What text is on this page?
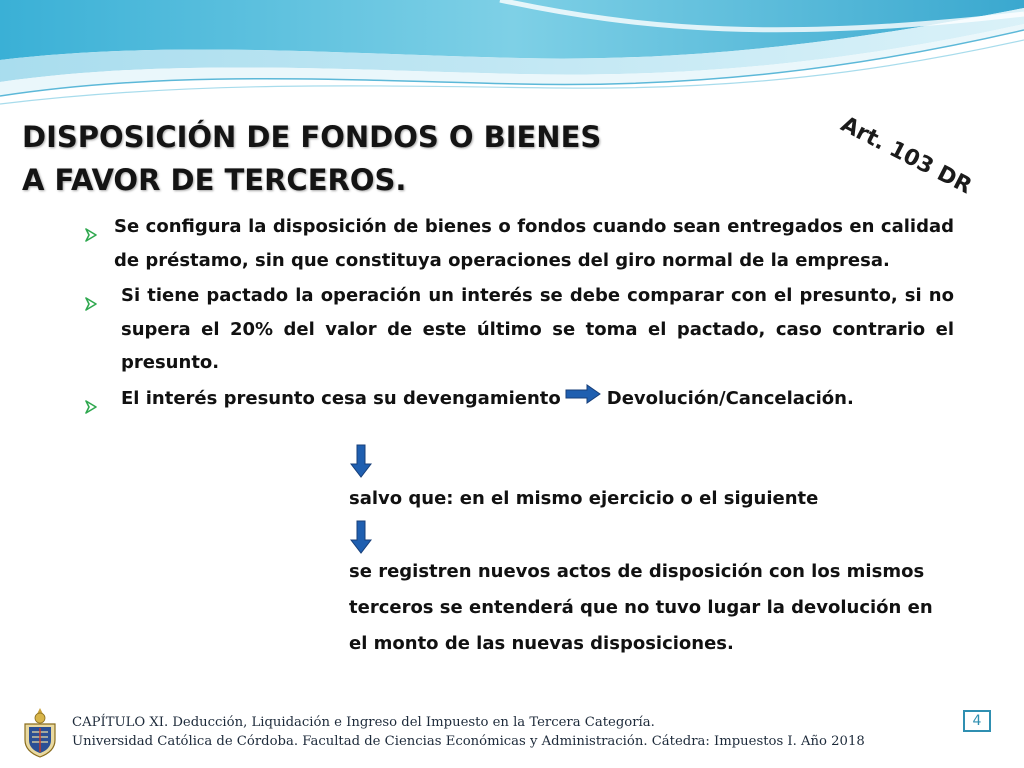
DISPOSICIÓN DE FONDOS O BIENES
A FAVOR DE TERCEROS.	Art. 103 DR
Se configura la disposición de bienes o fondos cuando sean entregados en calidad de préstamo, sin que constituya operaciones del giro normal de la empresa.
Si tiene pactado la operación un interés se debe comparar con el presunto, si no supera el 20% del valor de este último se toma el pactado, caso contrario el presunto.
El interés presunto cesa su devengamiento	Devolución/Cancelación.

salvo que: en el mismo ejercicio o el siguiente

se registren nuevos actos de disposición con los mismos
terceros se entenderá que no tuvo lugar la devolución en
el monto de las nuevas disposiciones.

CAPÍTULO XI. Deducción, Liquidación e Ingreso del Impuesto en la Tercera Categoría.
Universidad Católica de Córdoba. Facultad de Ciencias Económicas y Administración. Cátedra: Impuestos I. Año 2018
4
